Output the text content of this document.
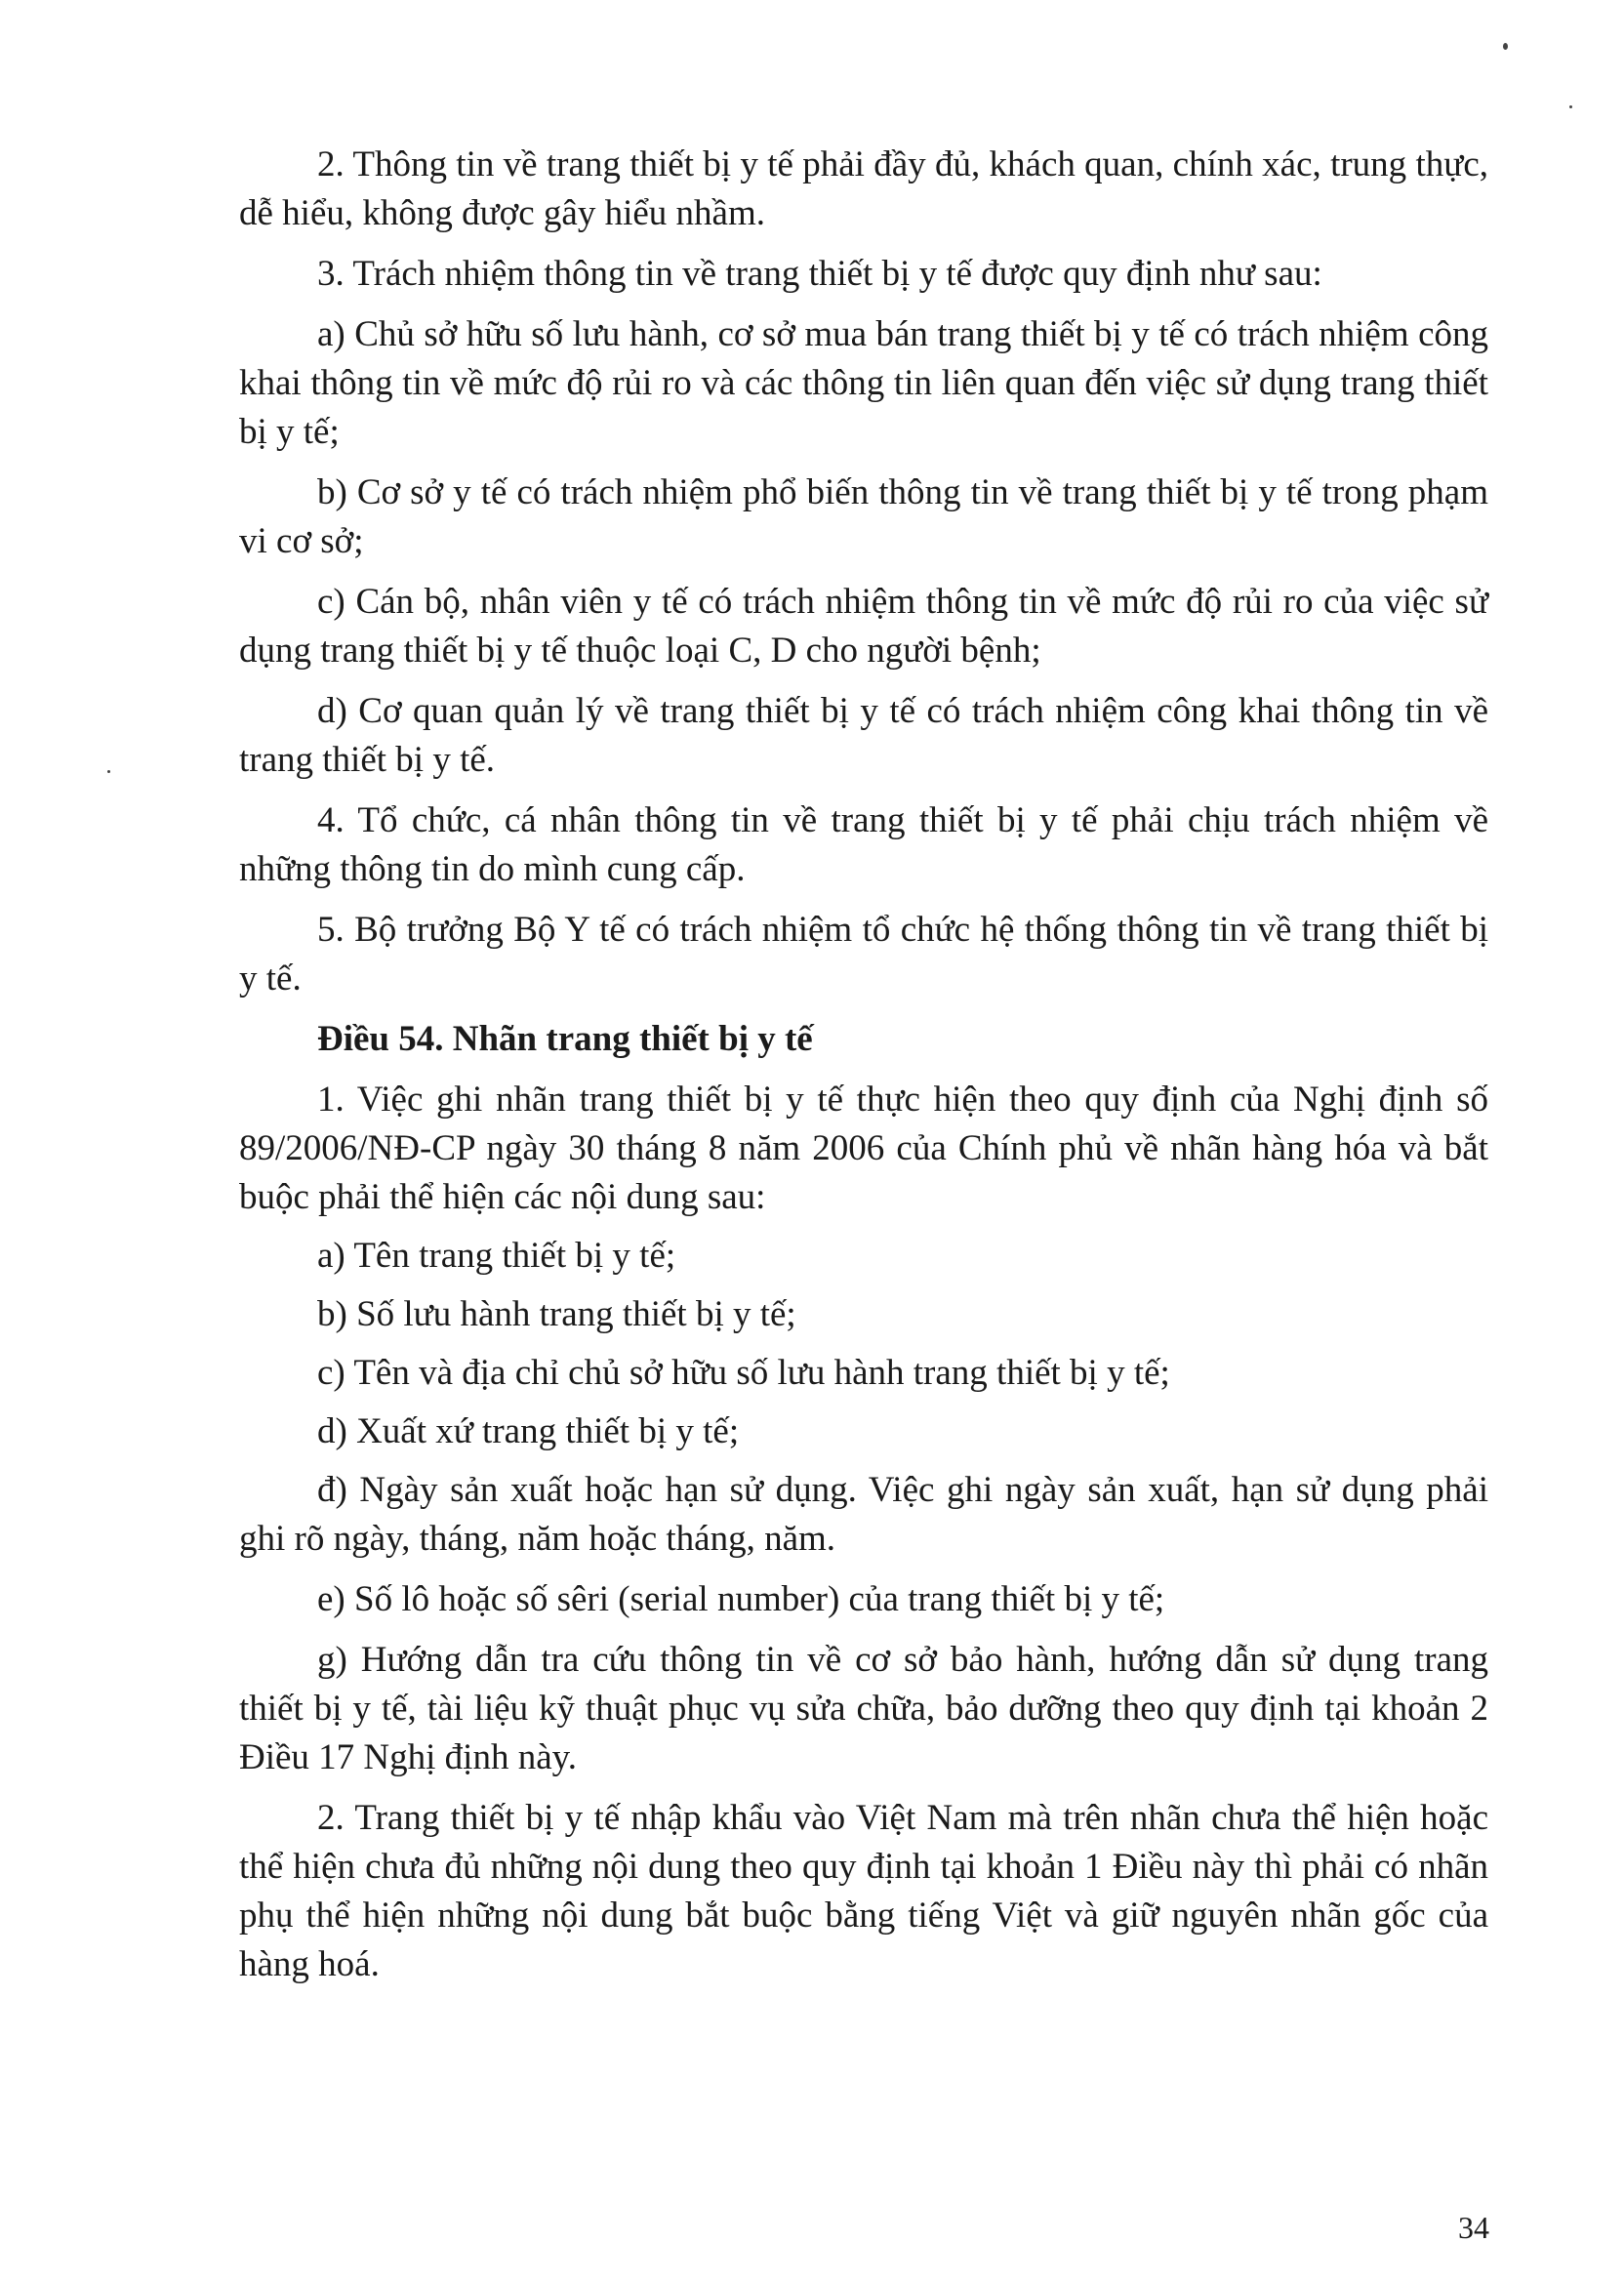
2. Thông tin về trang thiết bị y tế phải đầy đủ, khách quan, chính xác, trung thực, dễ hiểu, không được gây hiểu nhầm.

3. Trách nhiệm thông tin về trang thiết bị y tế được quy định như sau:

a) Chủ sở hữu số lưu hành, cơ sở mua bán trang thiết bị y tế có trách nhiệm công khai thông tin về mức độ rủi ro và các thông tin liên quan đến việc sử dụng trang thiết bị y tế;

b) Cơ sở y tế có trách nhiệm phổ biến thông tin về trang thiết bị y tế trong phạm vi cơ sở;

c) Cán bộ, nhân viên y tế có trách nhiệm thông tin về mức độ rủi ro của việc sử dụng trang thiết bị y tế thuộc loại C, D cho người bệnh;

d) Cơ quan quản lý về trang thiết bị y tế có trách nhiệm công khai thông tin về trang thiết bị y tế.

4. Tổ chức, cá nhân thông tin về trang thiết bị y tế phải chịu trách nhiệm về những thông tin do mình cung cấp.

5. Bộ trưởng Bộ Y tế có trách nhiệm tổ chức hệ thống thông tin về trang thiết bị y tế.

Điều 54. Nhãn trang thiết bị y tế

1. Việc ghi nhãn trang thiết bị y tế thực hiện theo quy định của Nghị định số 89/2006/NĐ-CP ngày 30 tháng 8 năm 2006 của Chính phủ về nhãn hàng hóa và bắt buộc phải thể hiện các nội dung sau:

a) Tên trang thiết bị y tế;

b) Số lưu hành trang thiết bị y tế;

c) Tên và địa chỉ chủ sở hữu số lưu hành trang thiết bị y tế;

d) Xuất xứ trang thiết bị y tế;

đ) Ngày sản xuất hoặc hạn sử dụng. Việc ghi ngày sản xuất, hạn sử dụng phải ghi rõ ngày, tháng, năm hoặc tháng, năm.

e) Số lô hoặc số sêri (serial number) của trang thiết bị y tế;

g) Hướng dẫn tra cứu thông tin về cơ sở bảo hành, hướng dẫn sử dụng trang thiết bị y tế, tài liệu kỹ thuật phục vụ sửa chữa, bảo dưỡng theo quy định tại khoản 2 Điều 17 Nghị định này.

2. Trang thiết bị y tế nhập khẩu vào Việt Nam mà trên nhãn chưa thể hiện hoặc thể hiện chưa đủ những nội dung theo quy định tại khoản 1 Điều này thì phải có nhãn phụ thể hiện những nội dung bắt buộc bằng tiếng Việt và giữ nguyên nhãn gốc của hàng hoá.

34
